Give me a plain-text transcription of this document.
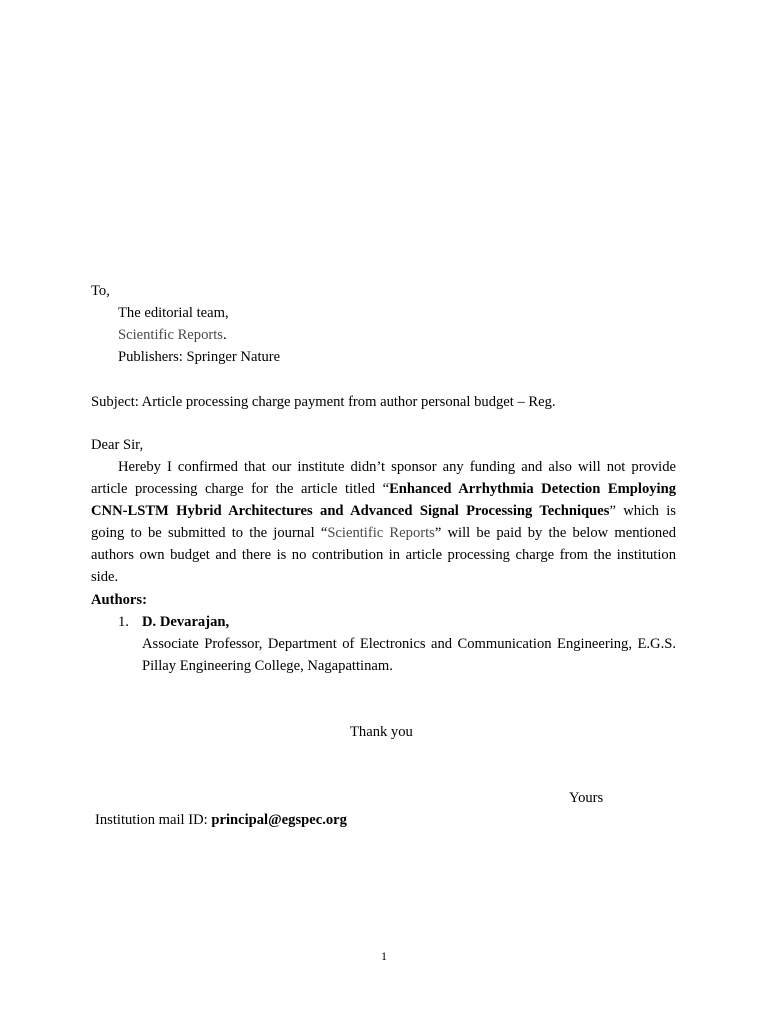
To,
The editorial team,
Scientific Reports.
Publishers: Springer Nature
Subject: Article processing charge payment from author personal budget – Reg.
Dear Sir,
Hereby I confirmed that our institute didn’t sponsor any funding and also will not provide article processing charge for the article titled “Enhanced Arrhythmia Detection Employing CNN-LSTM Hybrid Architectures and Advanced Signal Processing Techniques” which is going to be submitted to the journal “Scientific Reports” will be paid by the below mentioned authors own budget and there is no contribution in article processing charge from the institution side.
Authors:
1. D. Devarajan,
Associate Professor, Department of Electronics and Communication Engineering, E.G.S. Pillay Engineering College, Nagapattinam.
Thank you
Yours
Institution mail ID: principal@egspec.org
1
